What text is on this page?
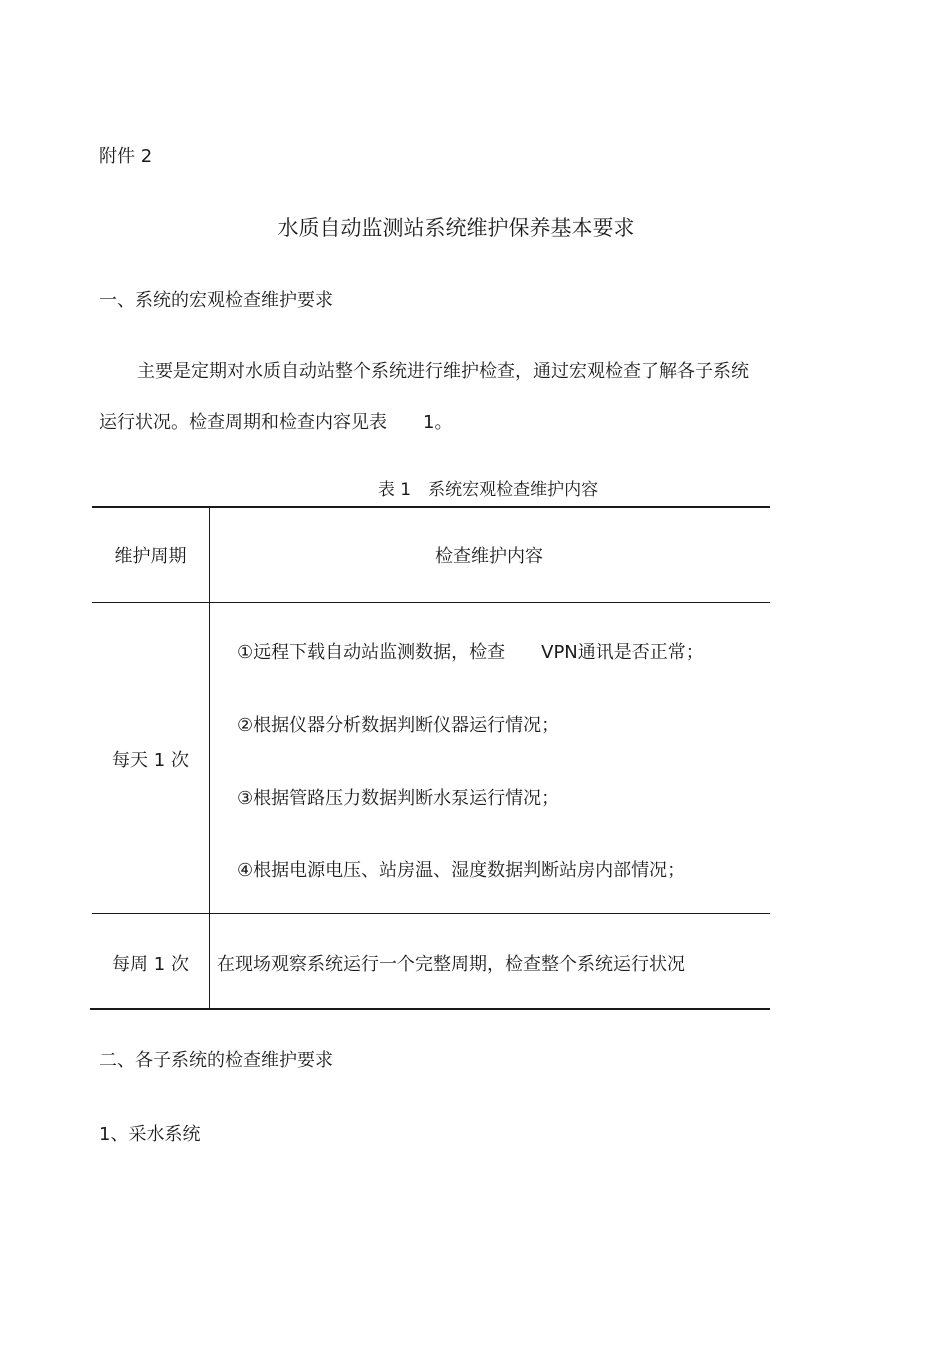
附件 2
水质自动监测站系统维护保养基本要求
一、系统的宏观检查维护要求
主要是定期对水质自动站整个系统进行维护检查，通过宏观检查了解各子系统
运行状况。检查周期和检查内容见表　　1。
表 1　系统宏观检查维护内容
维护周期	检查维护内容
每天 1 次
①远程下载自动站监测数据，检查　　VPN通讯是否正常；
②根据仪器分析数据判断仪器运行情况；
③根据管路压力数据判断水泵运行情况；
④根据电源电压、站房温、湿度数据判断站房内部情况；
每周 1 次	在现场观察系统运行一个完整周期，检查整个系统运行状况
二、各子系统的检查维护要求
1、采水系统
